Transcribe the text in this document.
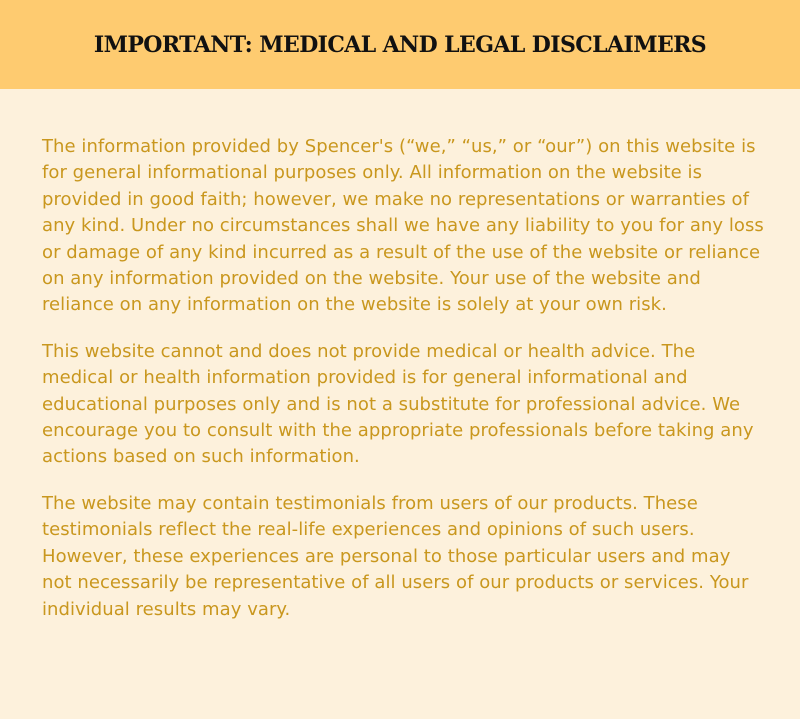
IMPORTANT: MEDICAL AND LEGAL DISCLAIMERS

The information provided by Spencer's (“we,” “us,” or “our”) on this website is for general informational purposes only. All information on the website is provided in good faith; however, we make no representations or warranties of any kind. Under no circumstances shall we have any liability to you for any loss or damage of any kind incurred as a result of the use of the website or reliance on any information provided on the website. Your use of the website and reliance on any information on the website is solely at your own risk.

This website cannot and does not provide medical or health advice. The medical or health information provided is for general informational and educational purposes only and is not a substitute for professional advice. We encourage you to consult with the appropriate professionals before taking any actions based on such information.

The website may contain testimonials from users of our products. These testimonials reflect the real-life experiences and opinions of such users. However, these experiences are personal to those particular users and may not necessarily be representative of all users of our products or services. Your individual results may vary.
